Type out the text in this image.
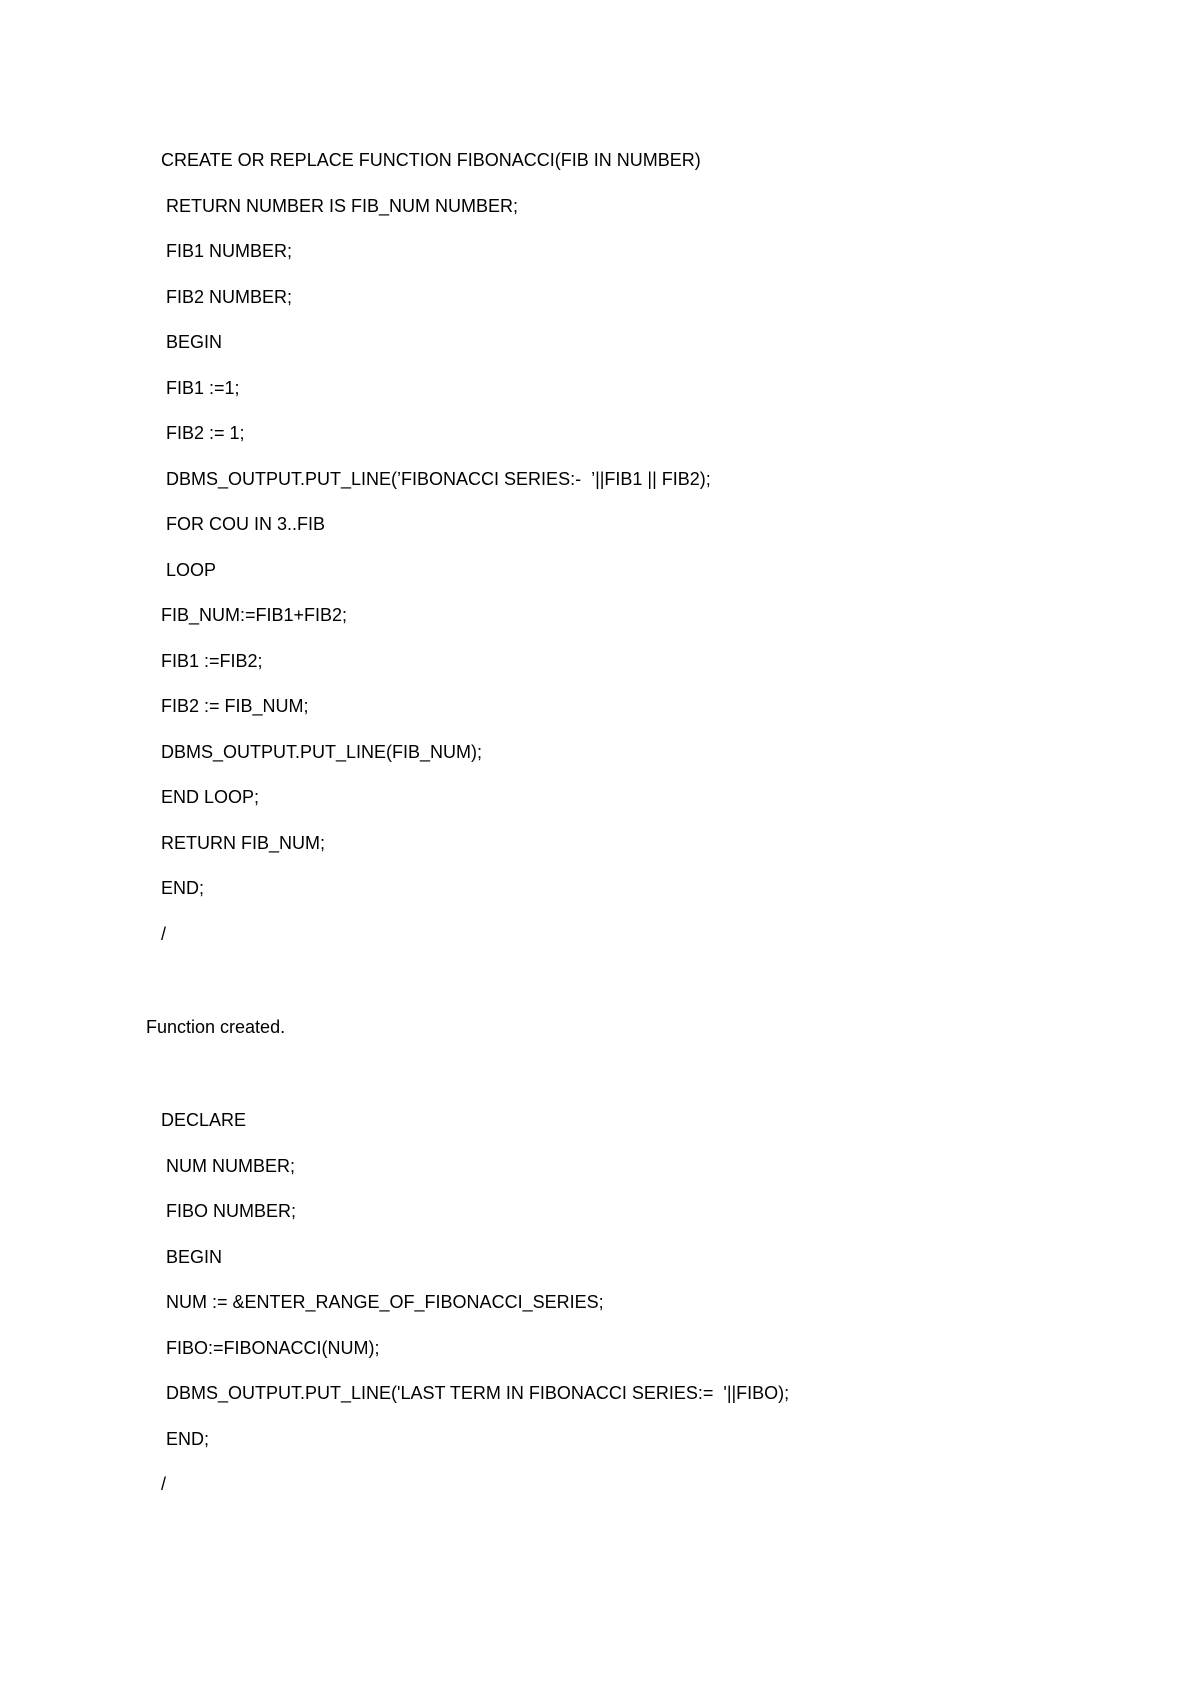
CREATE OR REPLACE FUNCTION FIBONACCI(FIB IN NUMBER)
RETURN NUMBER IS FIB_NUM NUMBER;
FIB1 NUMBER;
FIB2 NUMBER;
BEGIN
FIB1 :=1;
FIB2 := 1;
DBMS_OUTPUT.PUT_LINE(’FIBONACCI SERIES:-  ’||FIB1 || FIB2);
FOR COU IN 3..FIB
LOOP
FIB_NUM:=FIB1+FIB2;
FIB1 :=FIB2;
FIB2 := FIB_NUM;
DBMS_OUTPUT.PUT_LINE(FIB_NUM);
END LOOP;
RETURN FIB_NUM;
END;
/
Function created.
DECLARE
NUM NUMBER;
FIBO NUMBER;
BEGIN
NUM := &ENTER_RANGE_OF_FIBONACCI_SERIES;
FIBO:=FIBONACCI(NUM);
DBMS_OUTPUT.PUT_LINE('LAST TERM IN FIBONACCI SERIES:=  '||FIBO);
END;
/
